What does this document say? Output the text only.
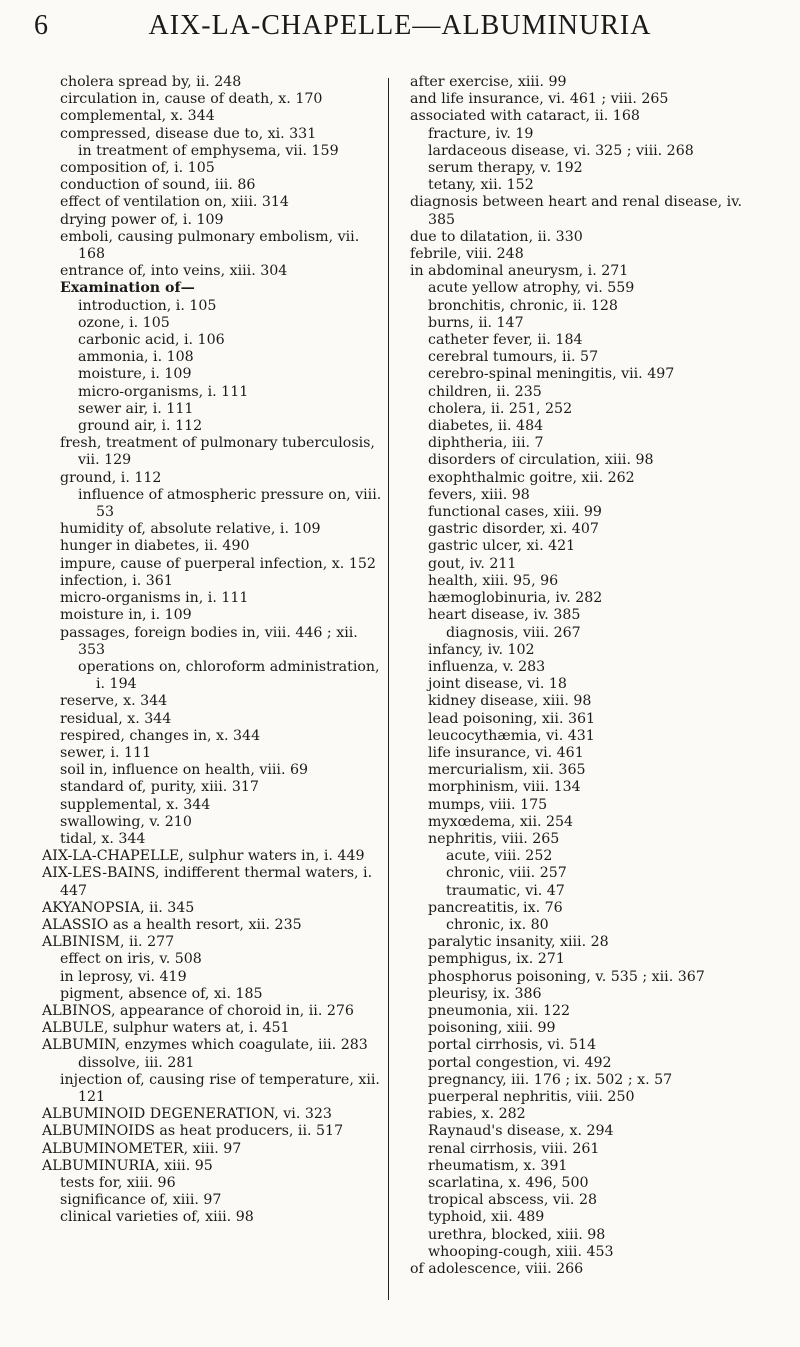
6	AIX-LA-CHAPELLE—ALBUMINURIA

cholera spread by, ii. 248

circulation in, cause of death, x. 170

complemental, x. 344

compressed, disease due to, xi. 331

in treatment of emphysema, vii. 159

composition of, i. 105

conduction of sound, iii. 86

effect of ventilation on, xiii. 314

drying power of, i. 109

emboli, causing pulmonary embolism, vii. 168

entrance of, into veins, xiii. 304

Examination of—

introduction, i. 105

ozone, i. 105

carbonic acid, i. 106

ammonia, i. 108

moisture, i. 109

micro-organisms, i. 111

sewer air, i. 111

ground air, i. 112

fresh, treatment of pulmonary tuberculosis, vii. 129

ground, i. 112

influence of atmospheric pressure on, viii. 53

humidity of, absolute relative, i. 109

hunger in diabetes, ii. 490

impure, cause of puerperal infection, x. 152

infection, i. 361

micro-organisms in, i. 111

moisture in, i. 109

passages, foreign bodies in, viii. 446 ; xii. 353

operations on, chloroform administration, i. 194

reserve, x. 344

residual, x. 344

respired, changes in, x. 344

sewer, i. 111

soil in, influence on health, viii. 69

standard of, purity, xiii. 317

supplemental, x. 344

swallowing, v. 210

tidal, x. 344

AIX-LA-CHAPELLE, sulphur waters in, i. 449

AIX-LES-BAINS, indifferent thermal waters, i. 447

AKYANOPSIA, ii. 345

ALASSIO as a health resort, xii. 235

ALBINISM, ii. 277

effect on iris, v. 508

in leprosy, vi. 419

pigment, absence of, xi. 185

ALBINOS, appearance of choroid in, ii. 276

ALBULE, sulphur waters at, i. 451

ALBUMIN, enzymes which coagulate, iii. 283

dissolve, iii. 281

injection of, causing rise of temperature, xii. 121

ALBUMINOID DEGENERATION, vi. 323

ALBUMINOIDS as heat producers, ii. 517

ALBUMINOMETER, xiii. 97

ALBUMINURIA, xiii. 95

tests for, xiii. 96

significance of, xiii. 97

clinical varieties of, xiii. 98

after exercise, xiii. 99

and life insurance, vi. 461 ; viii. 265

associated with cataract, ii. 168

fracture, iv. 19

lardaceous disease, vi. 325 ; viii. 268

serum therapy, v. 192

tetany, xii. 152

diagnosis between heart and renal disease, iv. 385

due to dilatation, ii. 330

febrile, viii. 248

in abdominal aneurysm, i. 271

acute yellow atrophy, vi. 559

bronchitis, chronic, ii. 128

burns, ii. 147

catheter fever, ii. 184

cerebral tumours, ii. 57

cerebro-spinal meningitis, vii. 497

children, ii. 235

cholera, ii. 251, 252

diabetes, ii. 484

diphtheria, iii. 7

disorders of circulation, xiii. 98

exophthalmic goitre, xii. 262

fevers, xiii. 98

functional cases, xiii. 99

gastric disorder, xi. 407

gastric ulcer, xi. 421

gout, iv. 211

health, xiii. 95, 96

hæmoglobinuria, iv. 282

heart disease, iv. 385

diagnosis, viii. 267

infancy, iv. 102

influenza, v. 283

joint disease, vi. 18

kidney disease, xiii. 98

lead poisoning, xii. 361

leucocythæmia, vi. 431

life insurance, vi. 461

mercurialism, xii. 365

morphinism, viii. 134

mumps, viii. 175

myxœdema, xii. 254

nephritis, viii. 265

acute, viii. 252

chronic, viii. 257

traumatic, vi. 47

pancreatitis, ix. 76

chronic, ix. 80

paralytic insanity, xiii. 28

pemphigus, ix. 271

phosphorus poisoning, v. 535 ; xii. 367

pleurisy, ix. 386

pneumonia, xii. 122

poisoning, xiii. 99

portal cirrhosis, vi. 514

portal congestion, vi. 492

pregnancy, iii. 176 ; ix. 502 ; x. 57

puerperal nephritis, viii. 250

rabies, x. 282

Raynaud's disease, x. 294

renal cirrhosis, viii. 261

rheumatism, x. 391

scarlatina, x. 496, 500

tropical abscess, vii. 28

typhoid, xii. 489

urethra, blocked, xiii. 98

whooping-cough, xiii. 453

of adolescence, viii. 266
